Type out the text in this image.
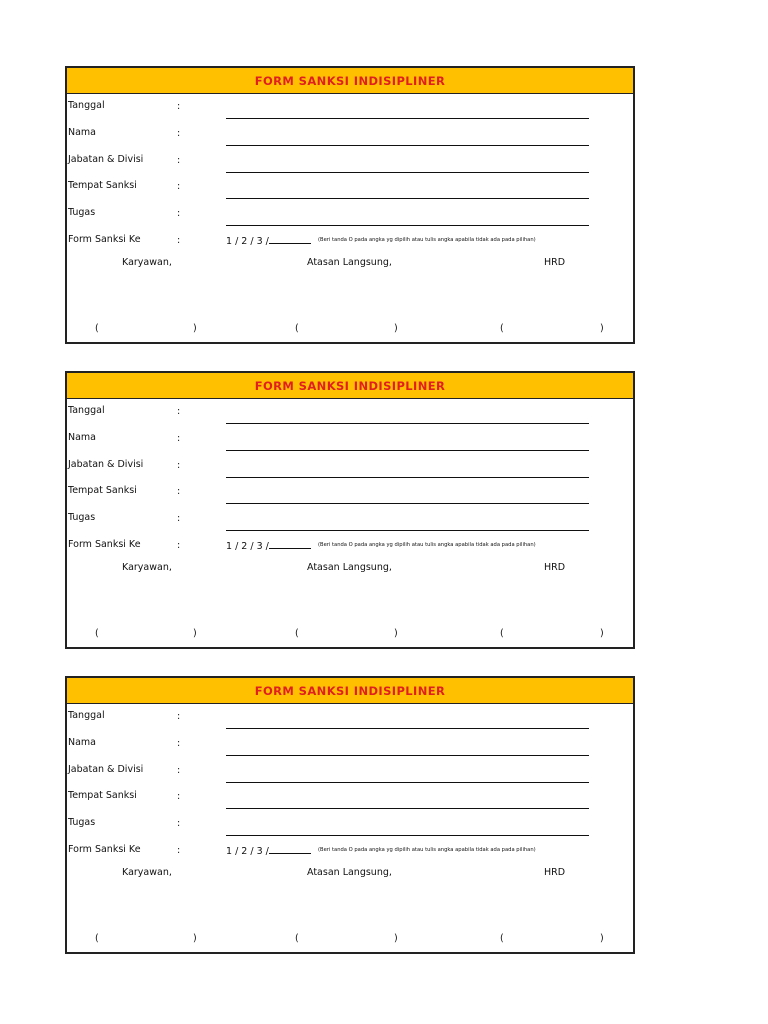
FORM SANKSI INDISIPLINER
Tanggal	:
Nama	:
Jabatan & Divisi	:
Tempat Sanksi	:
Tugas	:
Form Sanksi Ke	:	1 / 2 / 3 /	(Beri tanda O pada angka yg dipilih atau tulis angka apabila tidak ada pada pilihan)
Karyawan,	Atasan Langsung,	HRD
(	)	(	)	(	)
FORM SANKSI INDISIPLINER
Tanggal	:
Nama	:
Jabatan & Divisi	:
Tempat Sanksi	:
Tugas	:
Form Sanksi Ke	:	1 / 2 / 3 /	(Beri tanda O pada angka yg dipilih atau tulis angka apabila tidak ada pada pilihan)
Karyawan,	Atasan Langsung,	HRD
(	)	(	)	(	)
FORM SANKSI INDISIPLINER
Tanggal	:
Nama	:
Jabatan & Divisi	:
Tempat Sanksi	:
Tugas	:
Form Sanksi Ke	:	1 / 2 / 3 /	(Beri tanda O pada angka yg dipilih atau tulis angka apabila tidak ada pada pilihan)
Karyawan,	Atasan Langsung,	HRD
(	)	(	)	(	)
